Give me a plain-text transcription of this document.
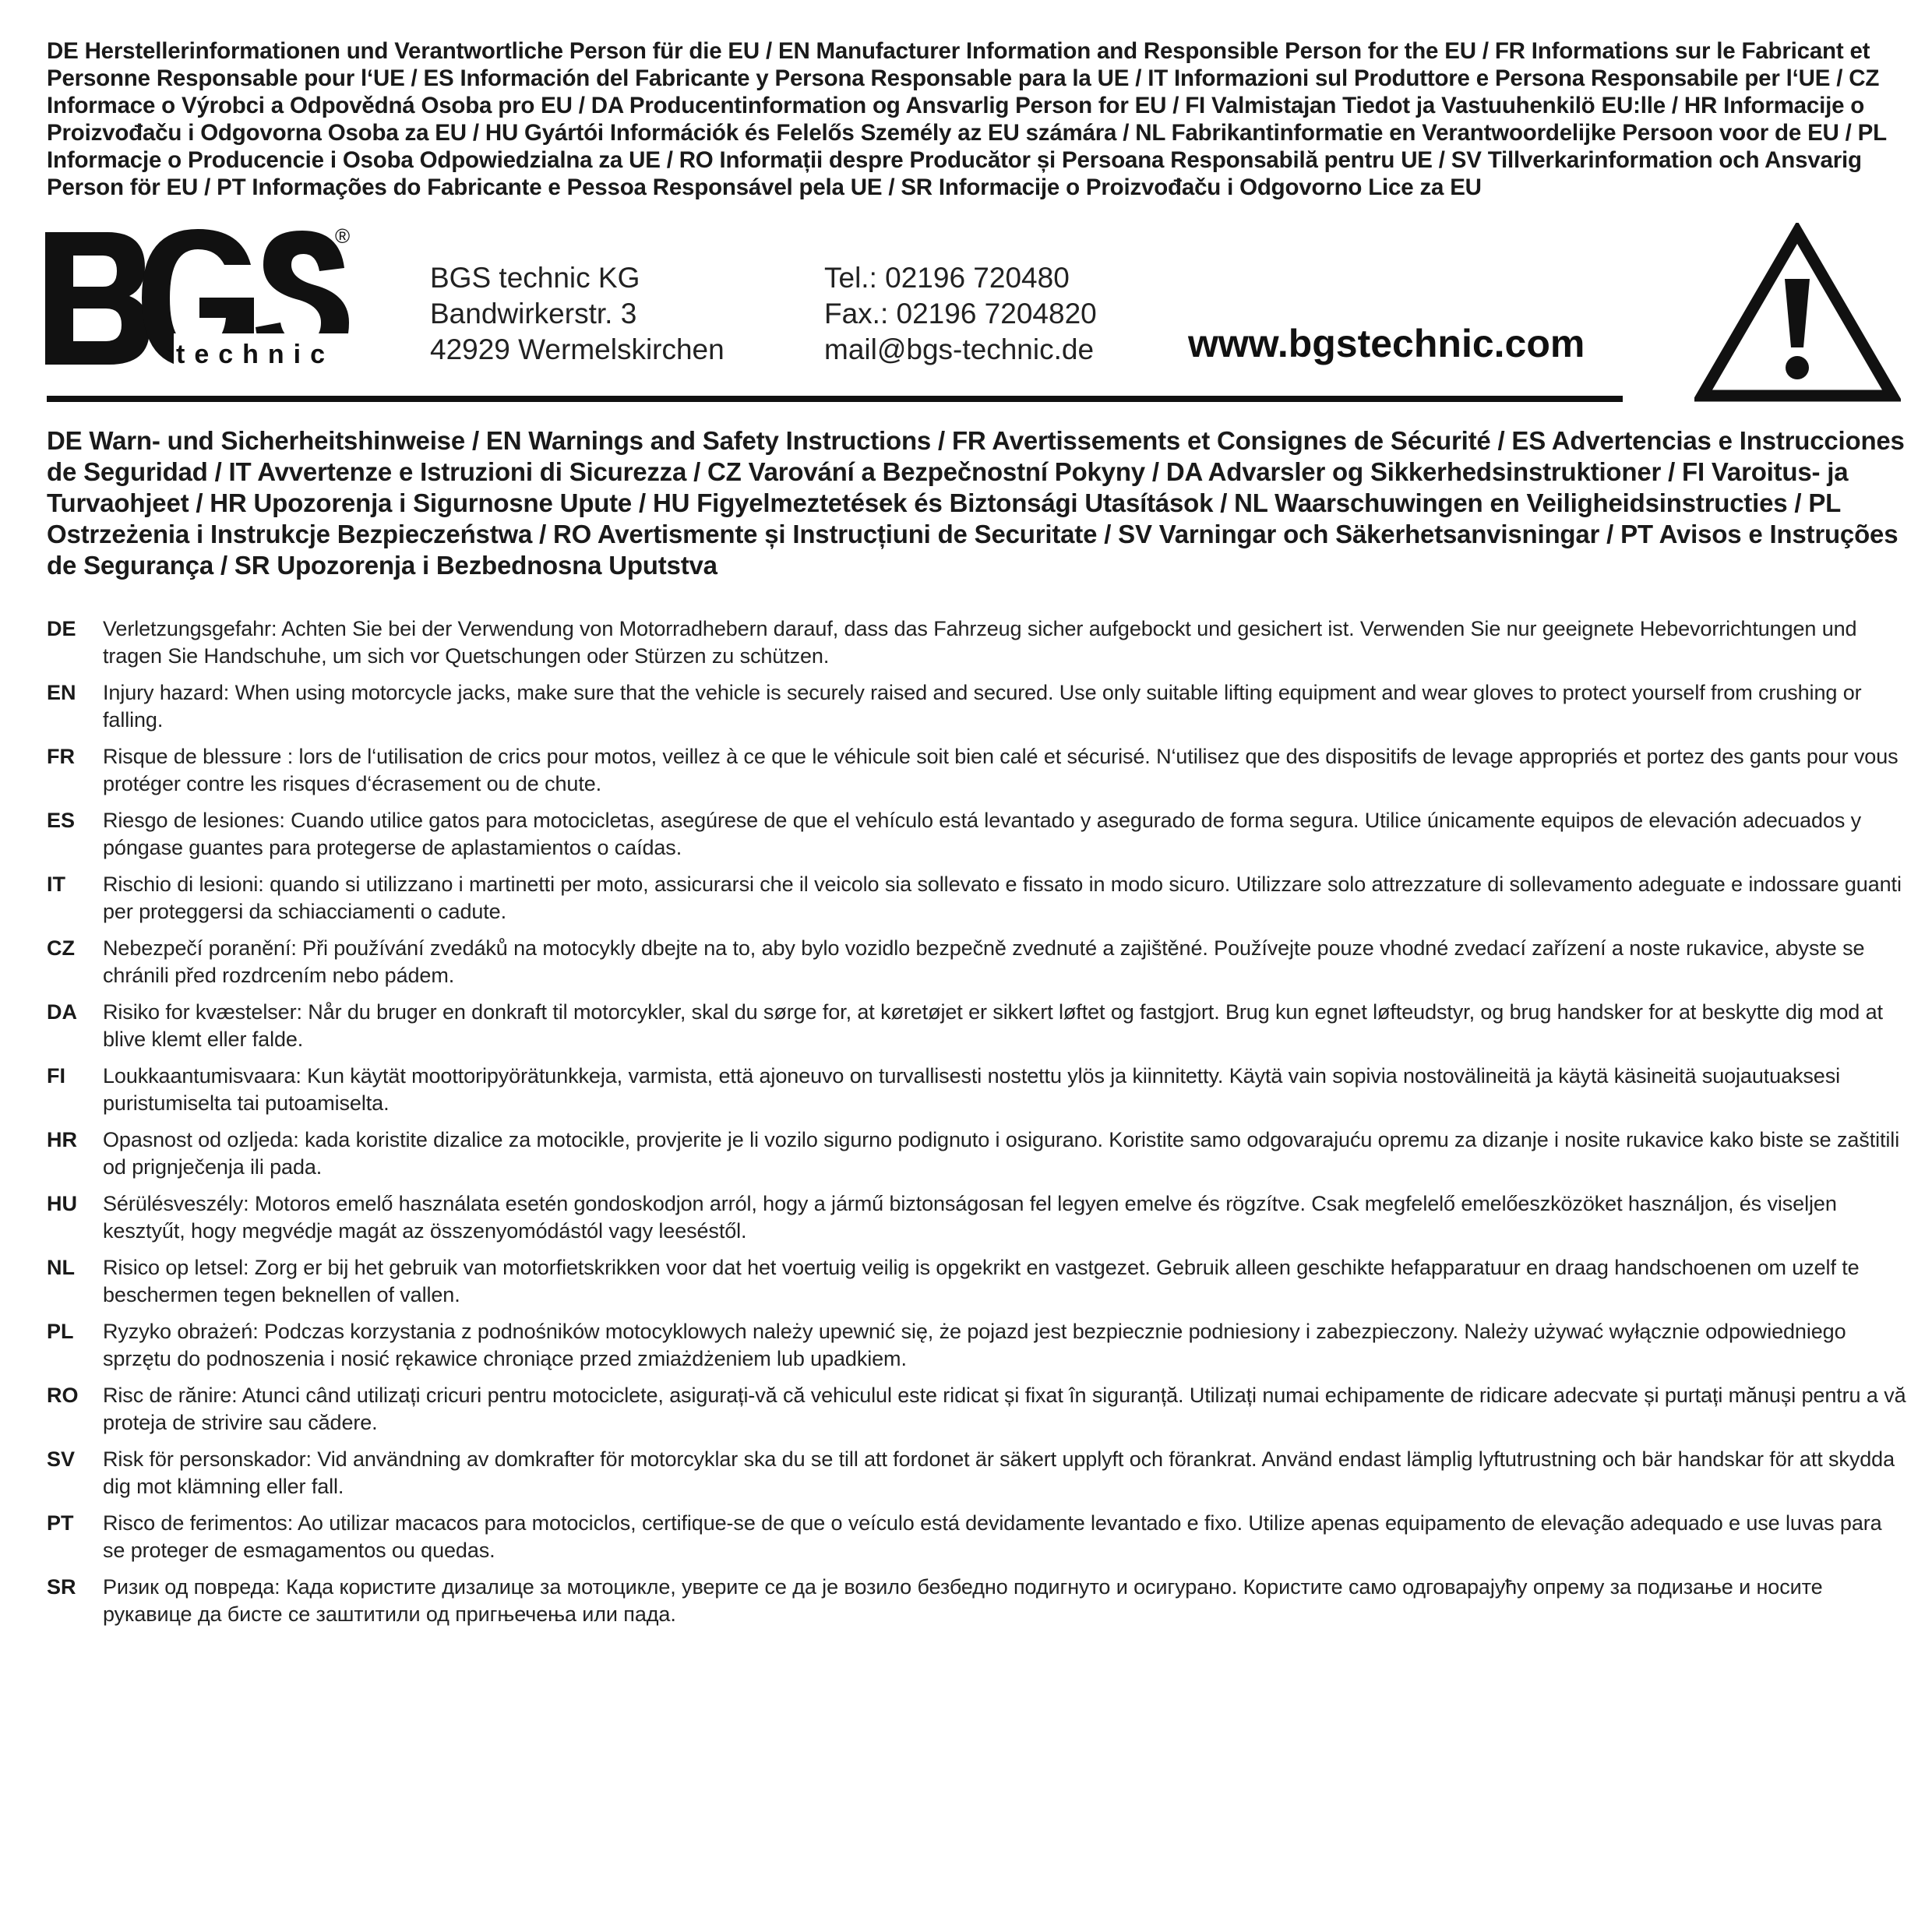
DE Herstellerinformationen und Verantwortliche Person für die EU / EN Manufacturer Information and Responsible Person for the EU / FR Informations sur le Fabricant et Personne Responsable pour l‘UE / ES Información del Fabricante y Persona Responsable para la UE / IT Informazioni sul Produttore e Persona Responsabile per l‘UE / CZ Informace o Výrobci a Odpovědná Osoba pro EU / DA Producentinformation og Ansvarlig Person for EU / FI Valmistajan Tiedot ja Vastuuhenkilö EU:lle / HR Informacije o Proizvođaču i Odgovorna Osoba za EU / HU Gyártói Információk és Felelős Személy az EU számára / NL Fabrikantinformatie en Verantwoordelijke Persoon voor de EU / PL Informacje o Producencie i Osoba Odpowiedzialna za UE / RO Informații despre Producător și Persoana Responsabilă pentru UE / SV Tillverkarinformation och Ansvarig Person för EU / PT Informações do Fabricante e Pessoa Responsável pela UE / SR Informacije o Proizvođaču i Odgovorno Lice za EU
technic
®
BGS technic KG
Bandwirkerstr. 3
42929 Wermelskirchen
Tel.: 02196 720480
Fax.: 02196 7204820
mail@bgs-technic.de www.bgstechnic.com
DE Warn- und Sicherheitshinweise / EN Warnings and Safety Instructions / FR Avertissements et Consignes de Sécurité / ES Advertencias e Instrucciones de Seguridad / IT Avvertenze e Istruzioni di Sicurezza / CZ Varování a Bezpečnostní Pokyny / DA Advarsler og Sikkerhedsinstruktioner / FI Varoitus- ja Turvaohjeet / HR Upozorenja i Sigurnosne Upute / HU Figyelmeztetések és Biztonsági Utasítások / NL Waarschuwingen en Veiligheidsinstructies / PL Ostrzeżenia i Instrukcje Bezpieczeństwa / RO Avertismente și Instrucțiuni de Securitate / SV Varningar och Säkerhetsanvisningar / PT Avisos e Instruções de Segurança / SR Upozorenja i Bezbednosna Uputstva
DE	Verletzungsgefahr: Achten Sie bei der Verwendung von Motorradhebern darauf, dass das Fahrzeug sicher aufgebockt und gesichert ist. Verwenden Sie nur geeignete Hebevorrichtungen und tragen Sie Handschuhe, um sich vor Quetschungen oder Stürzen zu schützen.
EN	Injury hazard: When using motorcycle jacks, make sure that the vehicle is securely raised and secured. Use only suitable lifting equipment and wear gloves to protect yourself from crushing or falling.
FR	Risque de blessure : lors de l‘utilisation de crics pour motos, veillez à ce que le véhicule soit bien calé et sécurisé. N‘utilisez que des dispositifs de levage appropriés et portez des gants pour vous protéger contre les risques d‘écrasement ou de chute.
ES	Riesgo de lesiones: Cuando utilice gatos para motocicletas, asegúrese de que el vehículo está levantado y asegurado de forma segura. Utilice únicamente equipos de elevación adecuados y póngase guantes para protegerse de aplastamientos o caídas.
IT	Rischio di lesioni: quando si utilizzano i martinetti per moto, assicurarsi che il veicolo sia sollevato e fissato in modo sicuro. Utilizzare solo attrezzature di sollevamento adeguate e indossare guanti per proteggersi da schiacciamenti o cadute.
CZ	Nebezpečí poranění: Při používání zvedáků na motocykly dbejte na to, aby bylo vozidlo bezpečně zvednuté a zajištěné. Používejte pouze vhodné zvedací zařízení a noste rukavice, abyste se chránili před rozdrcením nebo pádem.
DA	Risiko for kvæstelser: Når du bruger en donkraft til motorcykler, skal du sørge for, at køretøjet er sikkert løftet og fastgjort. Brug kun egnet løfteudstyr, og brug handsker for at beskytte dig mod at blive klemt eller falde.
FI	Loukkaantumisvaara: Kun käytät moottoripyörätunkkeja, varmista, että ajoneuvo on turvallisesti nostettu ylös ja kiinnitetty. Käytä vain sopivia nostovälineitä ja käytä käsineitä suojautuaksesi puristumiselta tai putoamiselta.
HR	Opasnost od ozljeda: kada koristite dizalice za motocikle, provjerite je li vozilo sigurno podignuto i osigurano. Koristite samo odgovarajuću opremu za dizanje i nosite rukavice kako biste se zaštitili od prignječenja ili pada.
HU	Sérülésveszély: Motoros emelő használata esetén gondoskodjon arról, hogy a jármű biztonságosan fel legyen emelve és rögzítve. Csak megfelelő emelőeszközöket használjon, és viseljen kesztyűt, hogy megvédje magát az összenyomódástól vagy leeséstől.
NL	Risico op letsel: Zorg er bij het gebruik van motorfietskrikken voor dat het voertuig veilig is opgekrikt en vastgezet. Gebruik alleen geschikte hefapparatuur en draag handschoenen om uzelf te beschermen tegen beknellen of vallen.
PL	Ryzyko obrażeń: Podczas korzystania z podnośników motocyklowych należy upewnić się, że pojazd jest bezpiecznie podniesiony i zabezpieczony. Należy używać wyłącznie odpowiedniego sprzętu do podnoszenia i nosić rękawice chroniące przed zmiażdżeniem lub upadkiem.
RO	Risc de rănire: Atunci când utilizați cricuri pentru motociclete, asigurați-vă că vehiculul este ridicat și fixat în siguranță. Utilizați numai echipamente de ridicare adecvate și purtați mănuși pentru a vă proteja de strivire sau cădere.
SV	Risk för personskador: Vid användning av domkrafter för motorcyklar ska du se till att fordonet är säkert upplyft och förankrat. Använd endast lämplig lyftutrustning och bär handskar för att skydda dig mot klämning eller fall.
PT	Risco de ferimentos: Ao utilizar macacos para motociclos, certifique-se de que o veículo está devidamente levantado e fixo. Utilize apenas equipamento de elevação adequado e use luvas para se proteger de esmagamentos ou quedas.
SR	Ризик од повреда: Када користите дизалице за мотоцикле, уверите се да је возило безбедно подигнуто и осигурано. Користите само одговарајућу опрему за подизање и носите рукавице да бисте се заштитили од пригњечења или пада.
